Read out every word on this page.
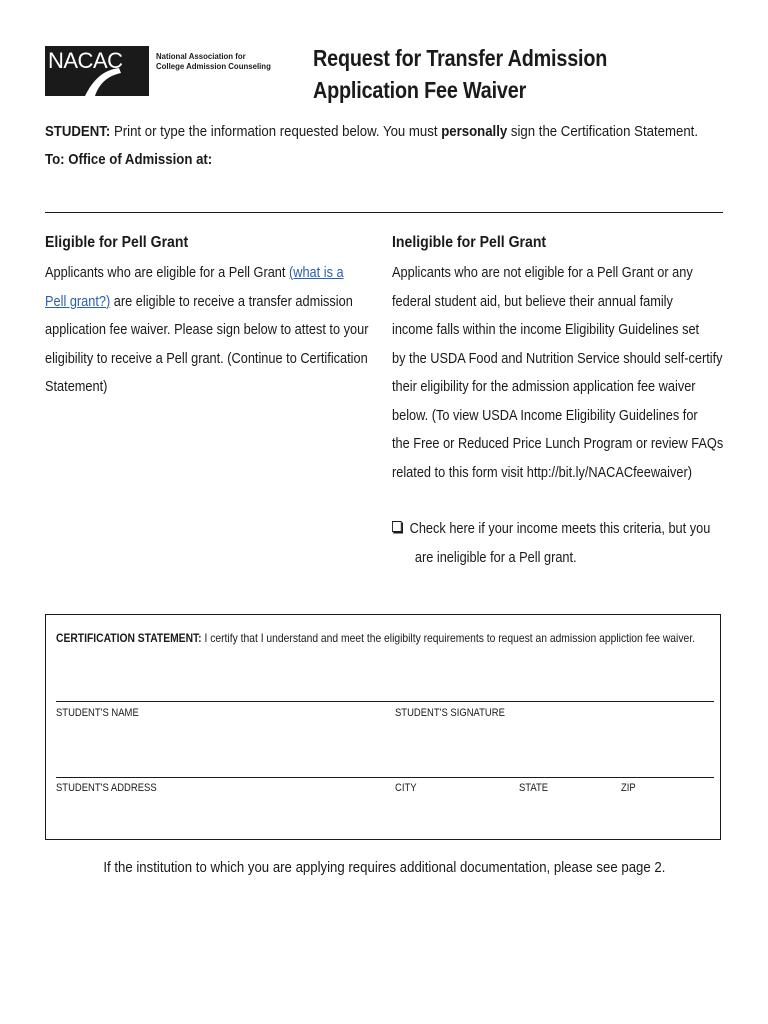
NACAC	National Association for
College Admission Counseling	Request for Transfer Admission
Application Fee Waiver
STUDENT: Print or type the information requested below. You must personally sign the Certification Statement.
To: Office of Admission at:
Eligible for Pell Grant
Applicants who are eligible for a Pell Grant (what is a
Pell grant?) are eligible to receive a transfer admission
application fee waiver. Please sign below to attest to your
eligibility to receive a Pell grant. (Continue to Certification
Statement)
Ineligible for Pell Grant
Applicants who are not eligible for a Pell Grant or any
federal student aid, but believe their annual family
income falls within the income Eligibility Guidelines set
by the USDA Food and Nutrition Service should self-certify
their eligibility for the admission application fee waiver
below. (To view USDA Income Eligibility Guidelines for
the Free or Reduced Price Lunch Program or review FAQs
related to this form visit http://bit.ly/NACACfeewaiver)
Check here if your income meets this criteria, but you
are ineligible for a Pell grant.
CERTIFICATION STATEMENT: I certify that I understand and meet the eligibilty requirements to request an admission appliction fee waiver.
STUDENT'S NAME	STUDENT'S SIGNATURE
STUDENT'S ADDRESS	CITY	STATE	ZIP
If the institution to which you are applying requires additional documentation, please see page 2.
